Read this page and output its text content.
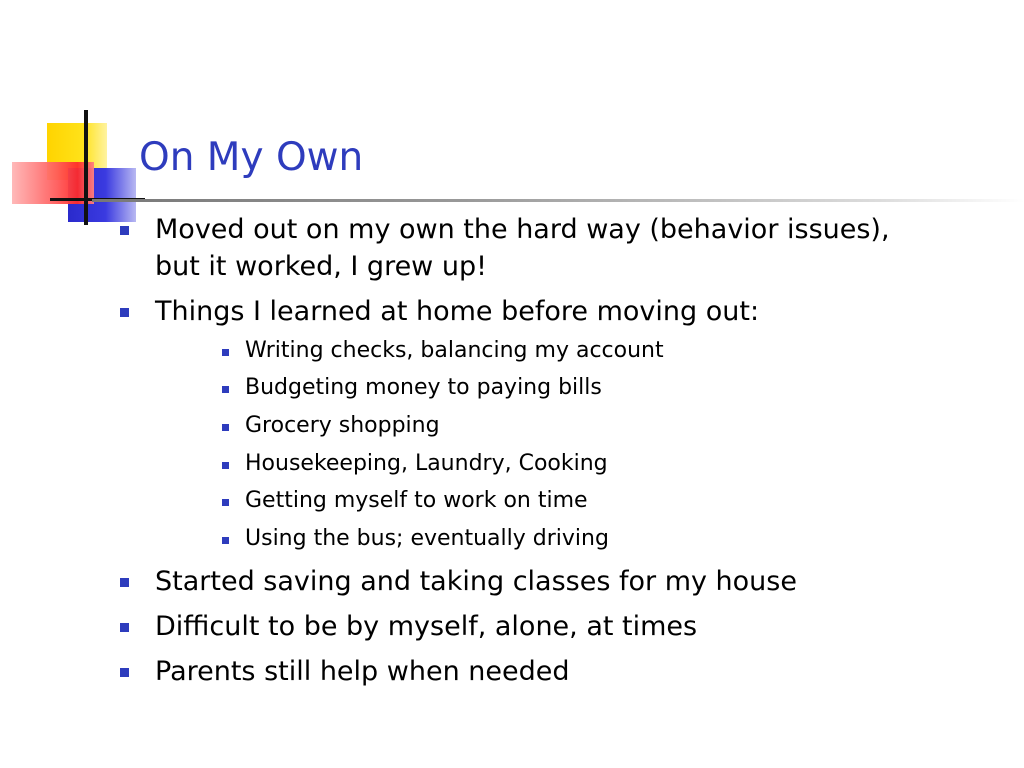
On My Own
Moved out on my own the hard way (behavior issues),
but it worked, I grew up!
Things I learned at home before moving out:
Writing checks, balancing my account
Budgeting money to paying bills
Grocery shopping
Housekeeping, Laundry, Cooking
Getting myself to work on time
Using the bus; eventually driving
Started saving and taking classes for my house
Difficult to be by myself, alone, at times
Parents still help when needed
